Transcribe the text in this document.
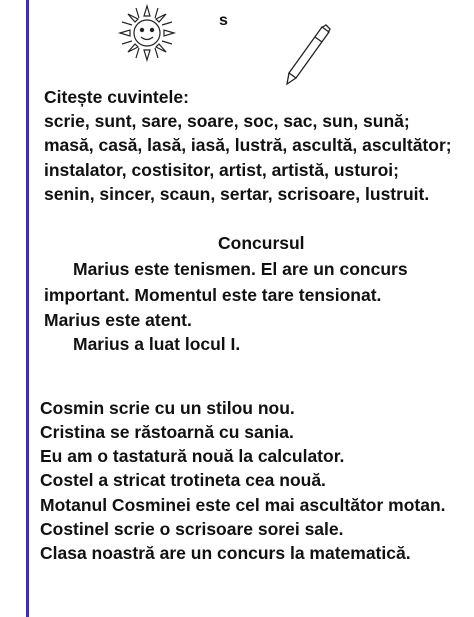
s
Citește cuvintele:
scrie, sunt, sare, soare, soc, sac, sun, sună;
masă, casă, lasă, iasă, lustră, ascultă, ascultător;
instalator, costisitor, artist, artistă, usturoi;
senin, sincer, scaun, sertar, scrisoare, lustruit.
Concursul
Marius este tenismen. El are un concurs
important. Momentul este tare tensionat.
Marius este atent.
Marius a luat locul I.
Cosmin scrie cu un stilou nou.
Cristina se răstoarnă cu sania.
Eu am o tastatură nouă la calculator.
Costel a stricat trotineta cea nouă.
Motanul Cosminei este cel mai ascultător motan.
Costinel scrie o scrisoare sorei sale.
Clasa noastră are un concurs la matematică.
